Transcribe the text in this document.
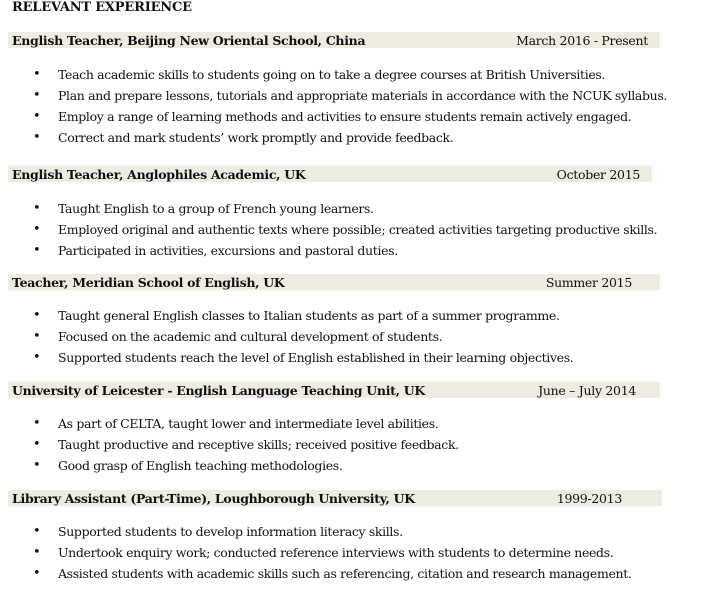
RELEVANT EXPERIENCE
English Teacher, Beijing New Oriental School, China	March 2016 - Present
• Teach academic skills to students going on to take a degree courses at British Universities.
• Plan and prepare lessons, tutorials and appropriate materials in accordance with the NCUK syllabus.
• Employ a range of learning methods and activities to ensure students remain actively engaged.
• Correct and mark students’ work promptly and provide feedback.
English Teacher, Anglophiles Academic, UK	October 2015
• Taught English to a group of French young learners.
• Employed original and authentic texts where possible; created activities targeting productive skills.
• Participated in activities, excursions and pastoral duties.
Teacher, Meridian School of English, UK	Summer 2015
• Taught general English classes to Italian students as part of a summer programme.
• Focused on the academic and cultural development of students.
• Supported students reach the level of English established in their learning objectives.
University of Leicester - English Language Teaching Unit, UK	June – July 2014
• As part of CELTA, taught lower and intermediate level abilities.
• Taught productive and receptive skills; received positive feedback.
• Good grasp of English teaching methodologies.
Library Assistant (Part-Time), Loughborough University, UK	1999-2013
• Supported students to develop information literacy skills.
• Undertook enquiry work; conducted reference interviews with students to determine needs.
• Assisted students with academic skills such as referencing, citation and research management.
